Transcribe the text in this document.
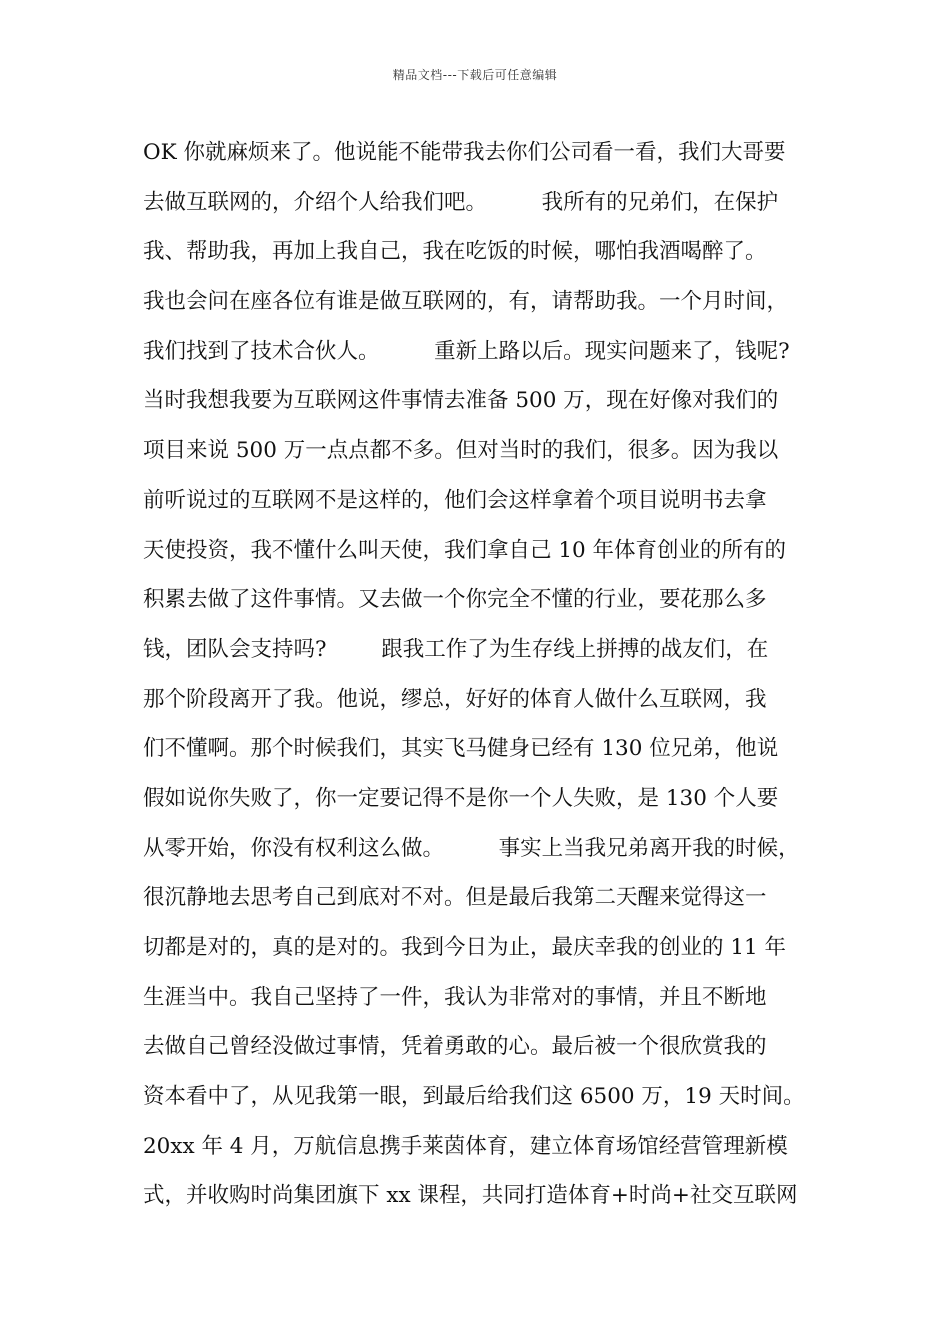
精品文档---下载后可任意编辑
OK 你就麻烦来了。他说能不能带我去你们公司看一看，我们大哥要
去做互联网的，介绍个人给我们吧。        我所有的兄弟们，在保护
我、帮助我，再加上我自己，我在吃饭的时候，哪怕我酒喝醉了。
我也会问在座各位有谁是做互联网的，有，请帮助我。一个月时间，
我们找到了技术合伙人。        重新上路以后。现实问题来了，钱呢?
当时我想我要为互联网这件事情去准备 500 万，现在好像对我们的
项目来说 500 万一点点都不多。但对当时的我们，很多。因为我以
前听说过的互联网不是这样的，他们会这样拿着个项目说明书去拿
天使投资，我不懂什么叫天使，我们拿自己 10 年体育创业的所有的
积累去做了这件事情。又去做一个你完全不懂的行业，要花那么多
钱，团队会支持吗?        跟我工作了为生存线上拼搏的战友们，在
那个阶段离开了我。他说，缪总，好好的体育人做什么互联网，我
们不懂啊。那个时候我们，其实飞马健身已经有 130 位兄弟，他说
假如说你失败了，你一定要记得不是你一个人失败，是 130 个人要
从零开始，你没有权利这么做。        事实上当我兄弟离开我的时候，
很沉静地去思考自己到底对不对。但是最后我第二天醒来觉得这一
切都是对的，真的是对的。我到今日为止，最庆幸我的创业的 11 年
生涯当中。我自己坚持了一件，我认为非常对的事情，并且不断地
去做自己曾经没做过事情，凭着勇敢的心。最后被一个很欣赏我的
资本看中了，从见我第一眼，到最后给我们这 6500 万，19 天时间。
20xx 年 4 月，万航信息携手莱茵体育，建立体育场馆经营管理新模
式，并收购时尚集团旗下 xx 课程，共同打造体育+时尚+社交互联网
